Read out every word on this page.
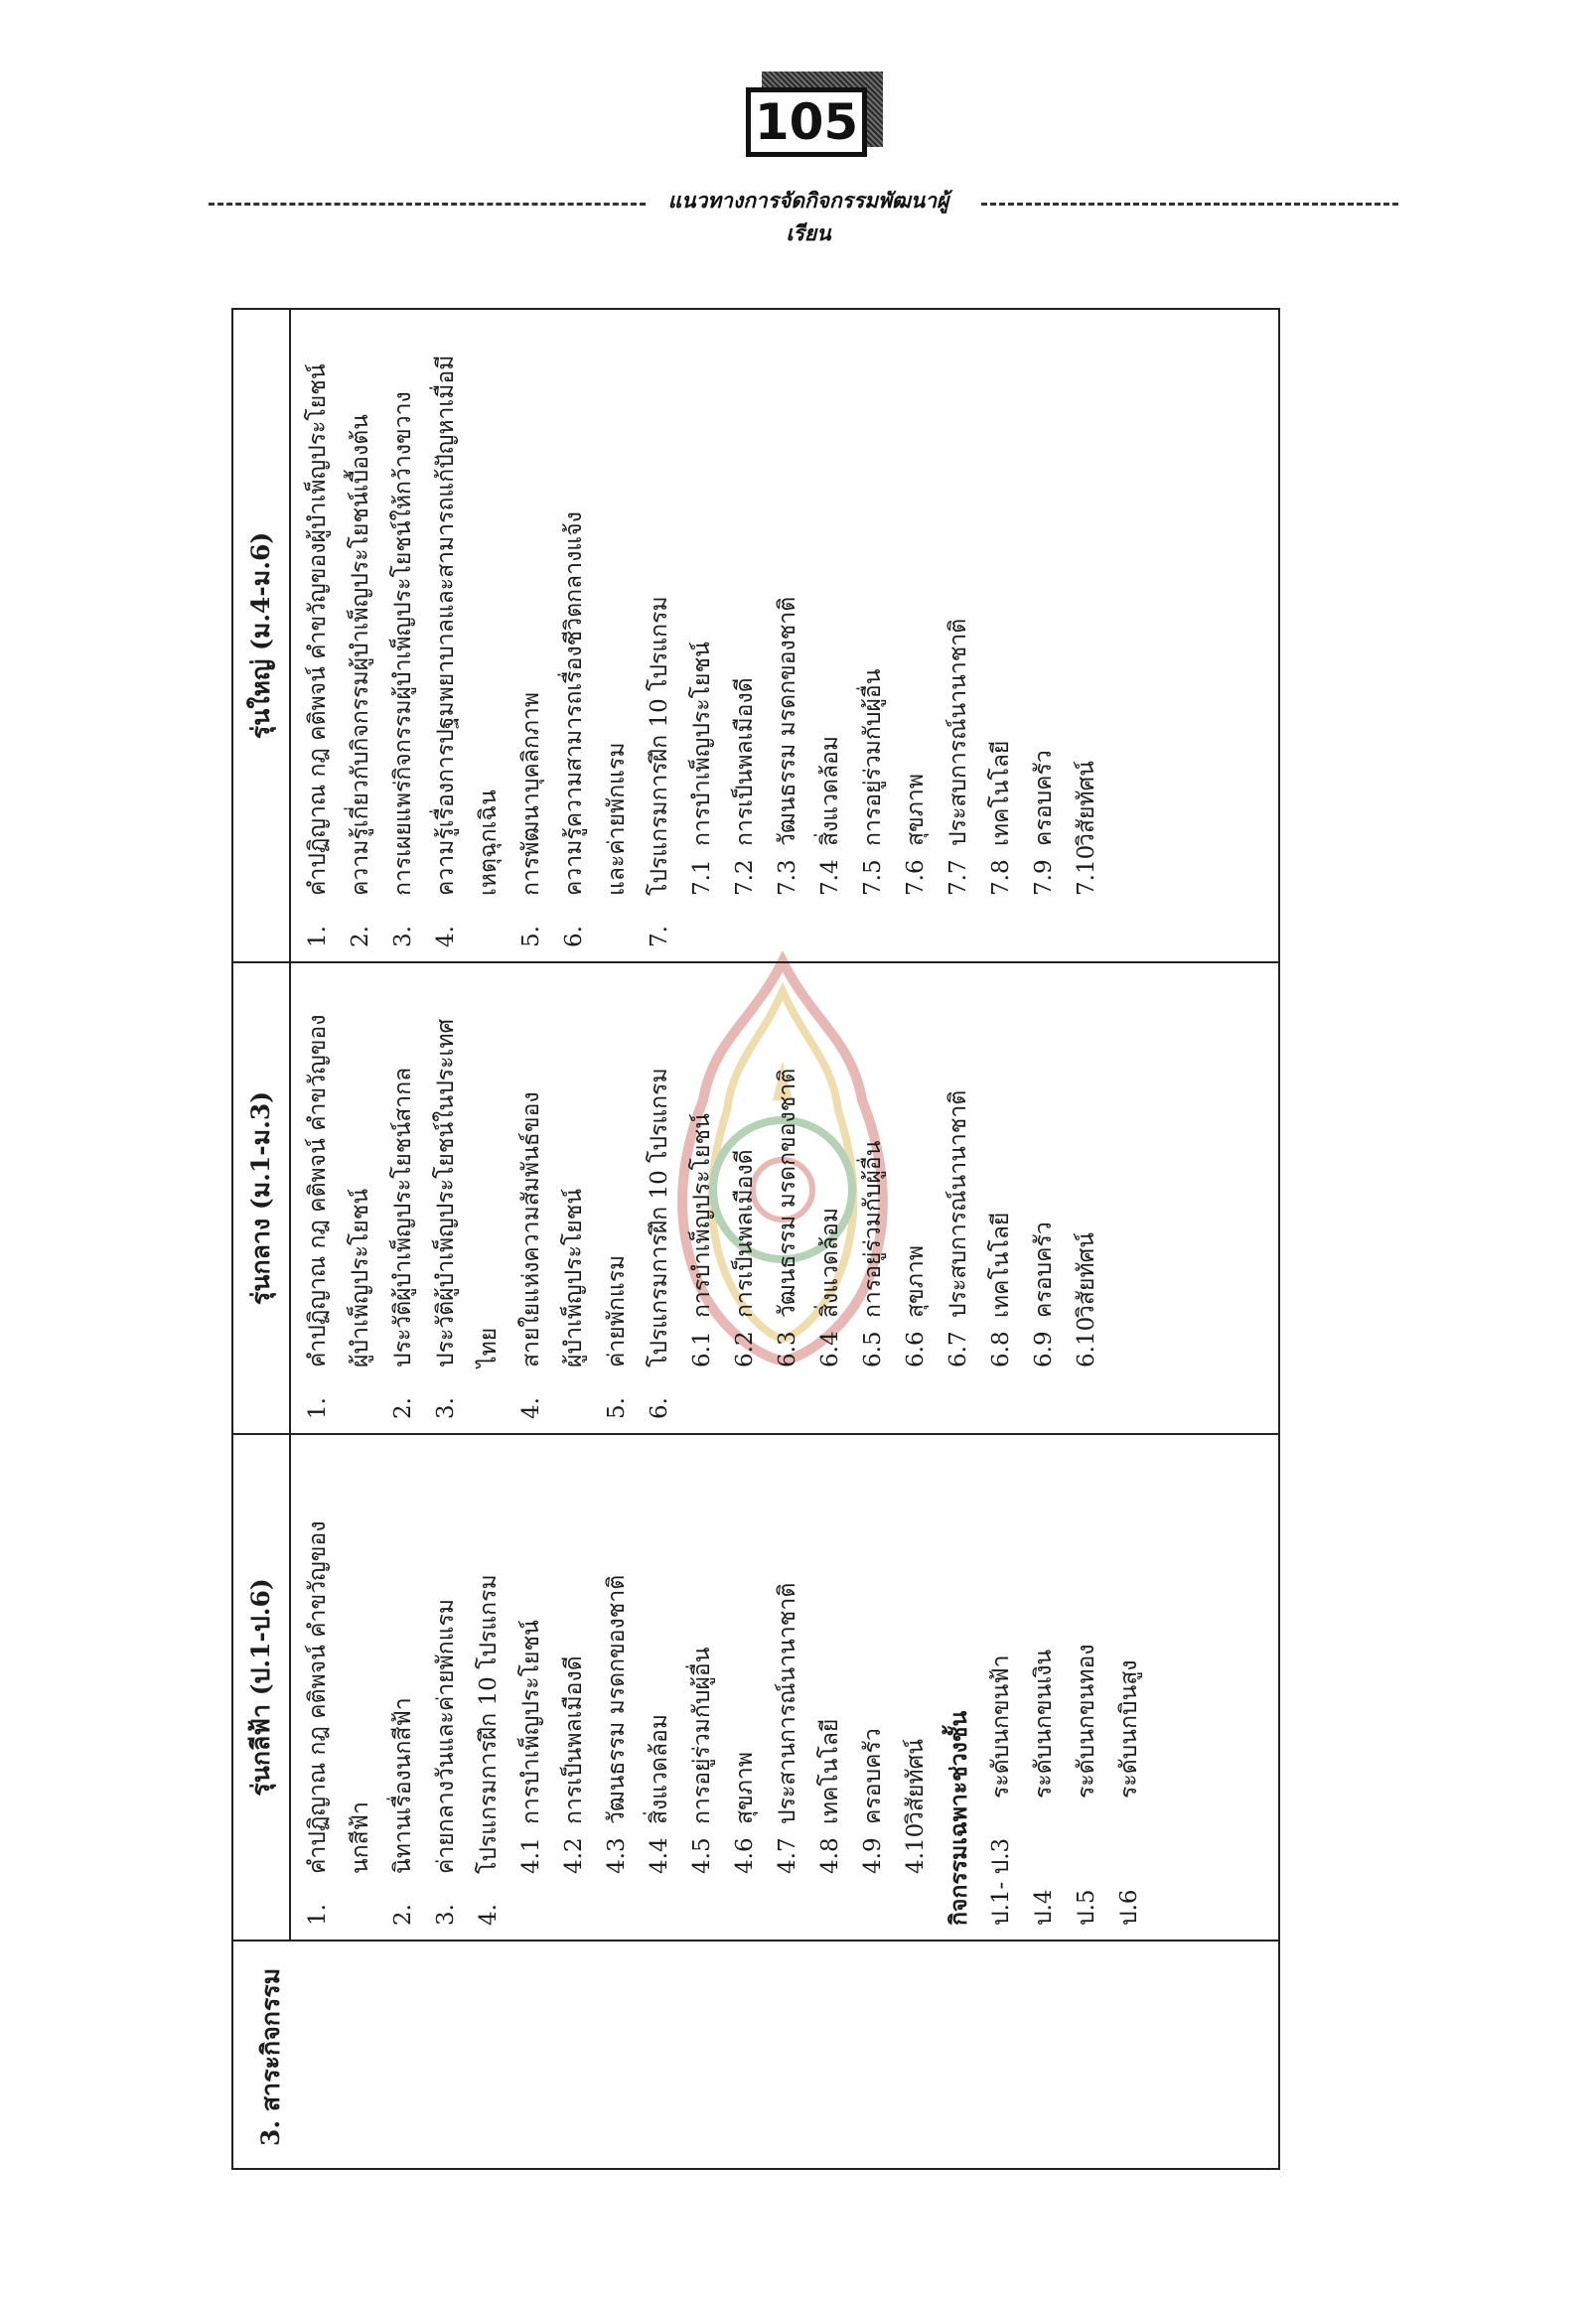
105
แนวทางการจัดกิจกรรมพัฒนาผู้เรียน
3. สาระกิจกรรม
รุ่นกลีฟ้า (ป.1-ป.6)
1.
คำปฏิญาณ กฎ คติพจน์ คำขวัญของ นกสีฟ้า
2.
นิทานเรื่องนกสีฟ้า
3.
ค่ายกลางวันและค่ายพักแรม
4.
โปรแกรมการฝึก 10 โปรแกรม 4.1
การบำเพ็ญประโยชน์
4.2
การเป็นพลเมืองดี
4.3
วัฒนธรรม มรดกของชาติ
4.4
สิ่งแวดล้อม
4.5
การอยู่ร่วมกับผู้อื่น
4.6
สุขภาพ
4.7
ประสานการณ์นานาชาติ
4.8
เทคโนโลยี
4.9
ครอบครัว
4.10
วิสัยทัศน์ กิจกรรมเฉพาะช่วงชั้น ป.1- ป.3
ระดับนกขนฟ้า
ป.4
ระดับนกขนเงิน
ป.5
ระดับนกขนทอง
ป.6
ระดับนกบินสูง
รุ่นกลาง (ม.1-ม.3)
1.
คำปฏิญาณ กฎ คติพจน์ คำขวัญของ ผู้บำเพ็ญประโยชน์
2.
ประวัติผู้บำเพ็ญประโยชน์สากล
3.
ประวัติผู้บำเพ็ญประโยชน์ในประเทศ ไทย
4.
สายใยแห่งความสัมพันธ์ของ ผู้บำเพ็ญประโยชน์
5.
ค่ายพักแรม
6.
โปรแกรมการฝึก 10 โปรแกรม 6.1
การบำเพ็ญประโยชน์
6.2
การเป็นพลเมืองดี
6.3
วัฒนธรรม มรดกของชาติ
6.4
สิ่งแวดล้อม
6.5
การอยู่ร่วมกับผู้อื่น
6.6
สุขภาพ
6.7
ประสบการณ์นานาชาติ
6.8
เทคโนโลยี
6.9
ครอบครัว
6.10
วิสัยทัศน์
รุ่นใหญ่ (ม.4-ม.6)
1.
คำปฏิญาณ กฎ คติพจน์ คำขวัญของผู้บำเพ็ญประโยชน์
2.
ความรู้เกี่ยวกับกิจกรรมผู้บำเพ็ญประโยชน์เบื้องต้น
3.
การเผยแพร่กิจกรรมผู้บำเพ็ญประโยชน์ให้กว้างขวาง
4.
ความรู้เรื่องการปฐมพยาบาลและสามารถแก้ปัญหาเมื่อมี เหตุฉุกเฉิน
5.
การพัฒนาบุคลิกภาพ
6.
ความรู้ความสามารถเรื่องชีวิตกลางแจ้ง และค่ายพักแรม
7.
โปรแกรมการฝึก 10 โปรแกรม 7.1
การบำเพ็ญประโยชน์
7.2
การเป็นพลเมืองดี
7.3
วัฒนธรรม มรดกของชาติ
7.4
สิ่งแวดล้อม
7.5
การอยู่ร่วมกับผู้อื่น
7.6
สุขภาพ
7.7
ประสบการณ์นานาชาติ
7.8
เทคโนโลยี
7.9
ครอบครัว
7.10
วิสัยทัศน์
